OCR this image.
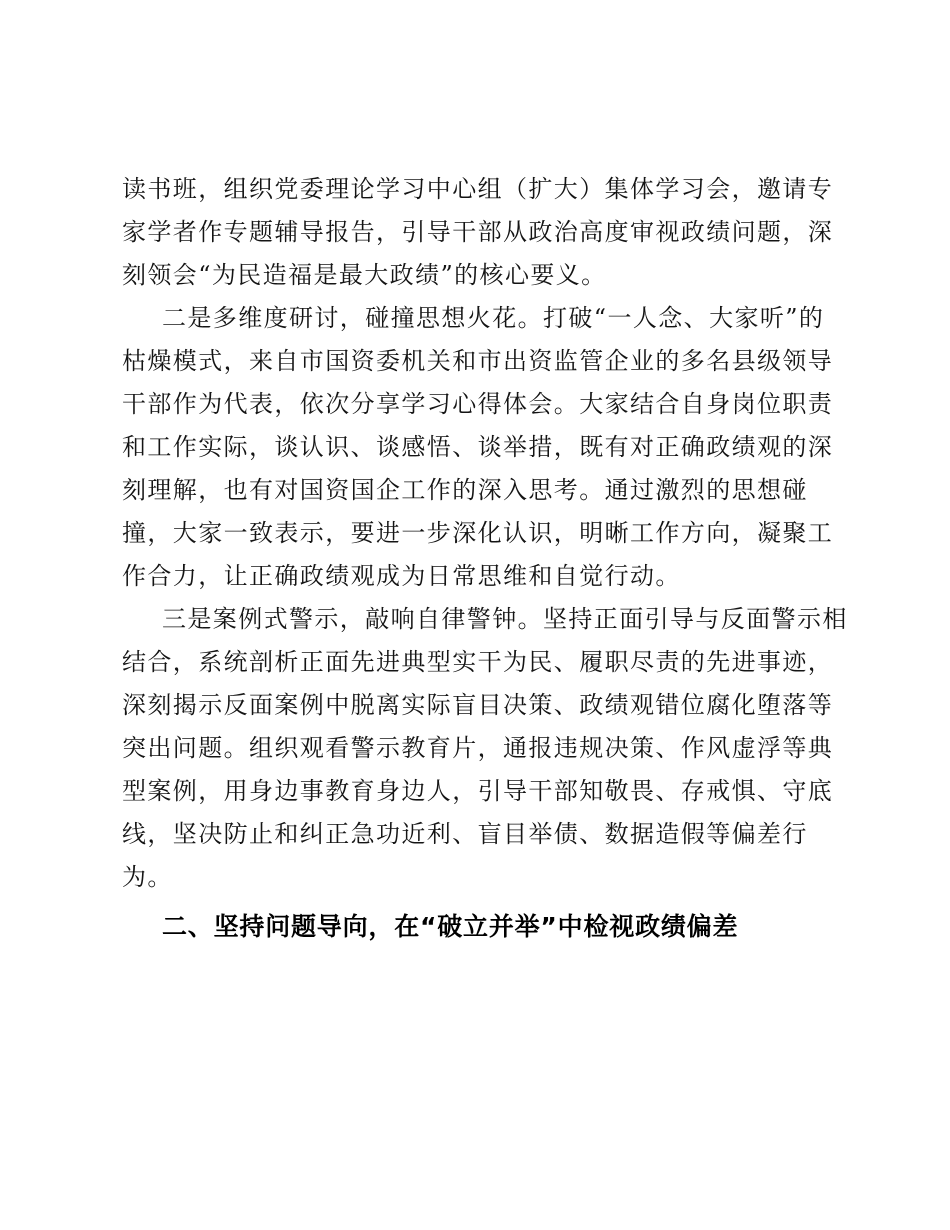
读书班，组织党委理论学习中心组（扩大）集体学习会，邀请专
家学者作专题辅导报告，引导干部从政治高度审视政绩问题，深
刻领会“为民造福是最大政绩”的核心要义。
二是多维度研讨，碰撞思想火花。打破“一人念、大家听”的
枯燥模式，来自市国资委机关和市出资监管企业的多名县级领导
干部作为代表，依次分享学习心得体会。大家结合自身岗位职责
和工作实际，谈认识、谈感悟、谈举措，既有对正确政绩观的深
刻理解，也有对国资国企工作的深入思考。通过激烈的思想碰
撞，大家一致表示，要进一步深化认识，明晰工作方向，凝聚工
作合力，让正确政绩观成为日常思维和自觉行动。
三是案例式警示，敲响自律警钟。坚持正面引导与反面警示相
结合，系统剖析正面先进典型实干为民、履职尽责的先进事迹，
深刻揭示反面案例中脱离实际盲目决策、政绩观错位腐化堕落等
突出问题。组织观看警示教育片，通报违规决策、作风虚浮等典
型案例，用身边事教育身边人，引导干部知敬畏、存戒惧、守底
线，坚决防止和纠正急功近利、盲目举债、数据造假等偏差行
为。
二、坚持问题导向，在“破立并举”中检视政绩偏差
